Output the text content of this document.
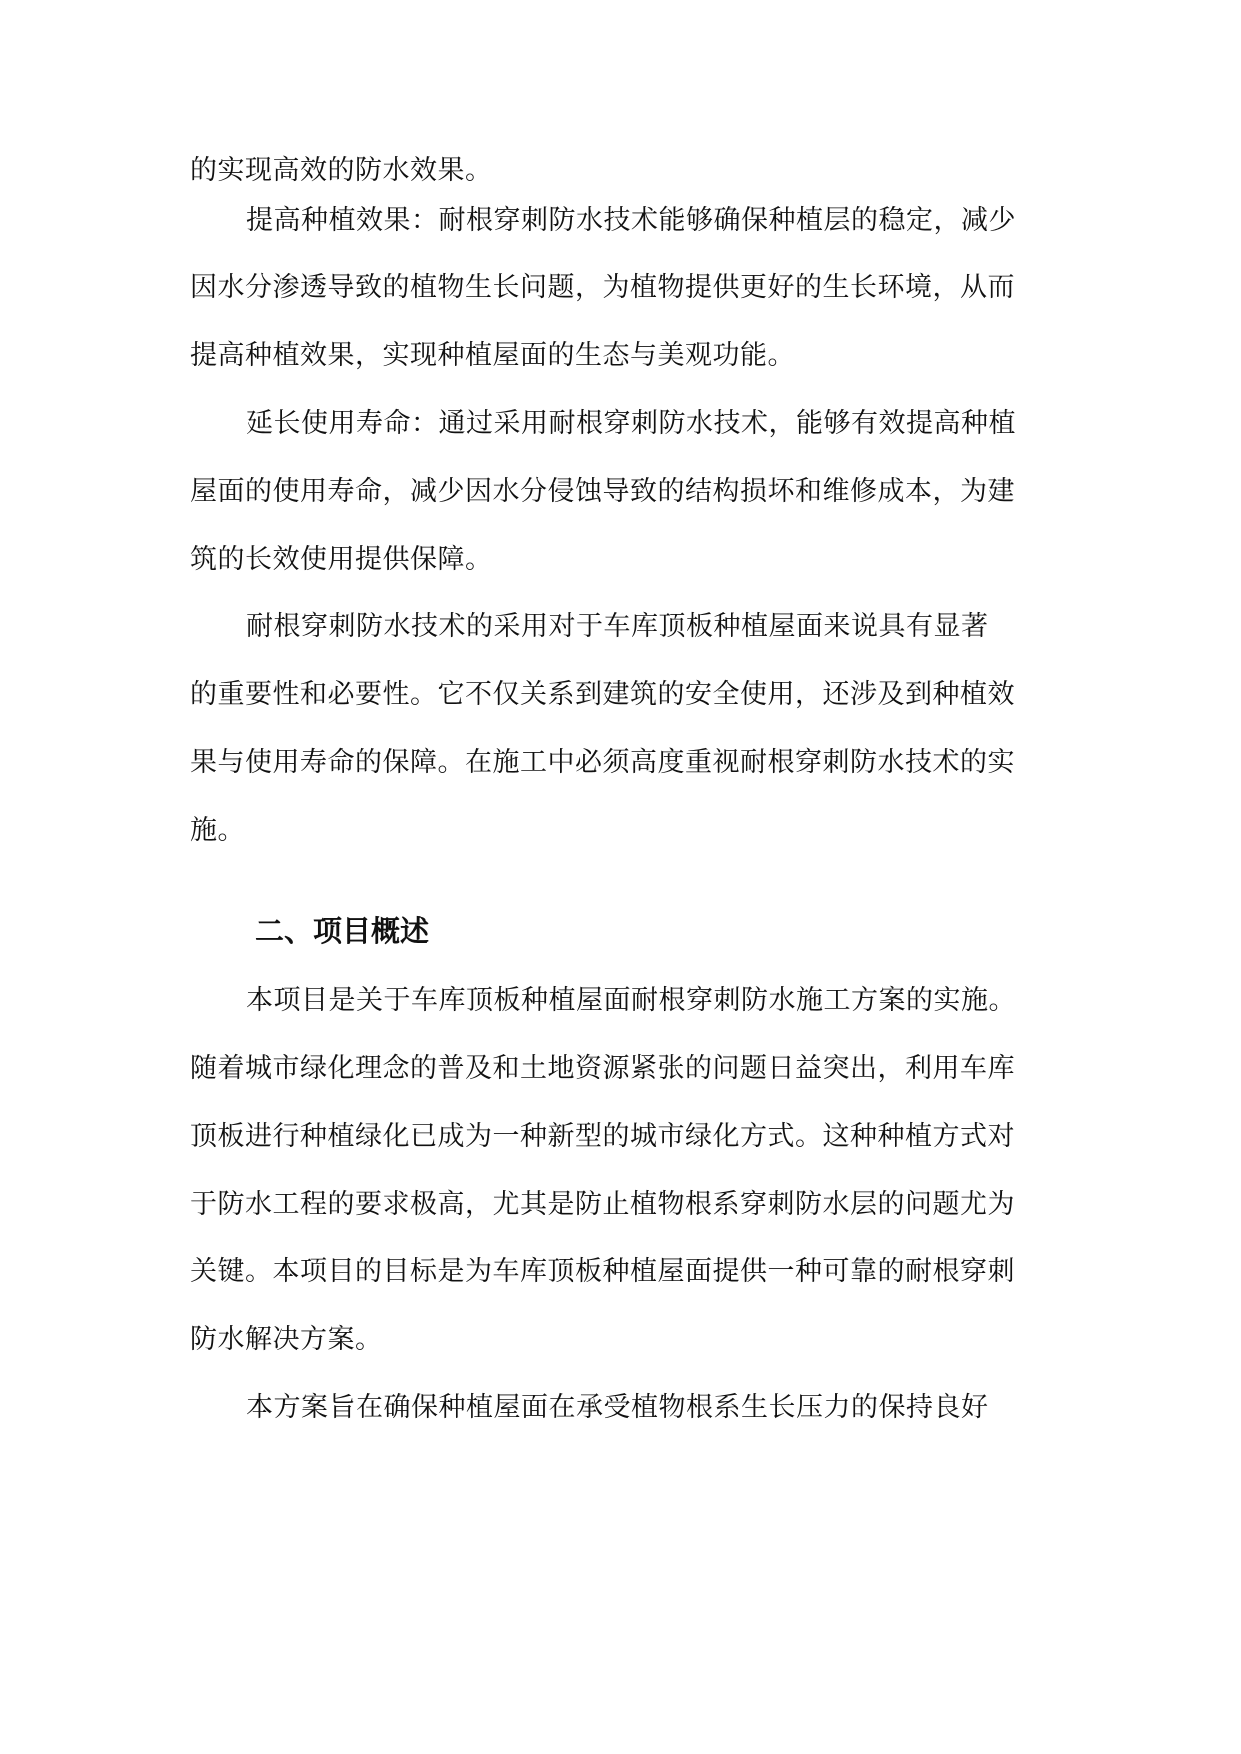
的实现高效的防水效果。
提高种植效果：耐根穿刺防水技术能够确保种植层的稳定，减少
因水分渗透导致的植物生长问题，为植物提供更好的生长环境，从而
提高种植效果，实现种植屋面的生态与美观功能。
延长使用寿命：通过采用耐根穿刺防水技术，能够有效提高种植
屋面的使用寿命，减少因水分侵蚀导致的结构损坏和维修成本，为建
筑的长效使用提供保障。
耐根穿刺防水技术的采用对于车库顶板种植屋面来说具有显著
的重要性和必要性。它不仅关系到建筑的安全使用，还涉及到种植效
果与使用寿命的保障。在施工中必须高度重视耐根穿刺防水技术的实
施。
二、项目概述
本项目是关于车库顶板种植屋面耐根穿刺防水施工方案的实施。
随着城市绿化理念的普及和土地资源紧张的问题日益突出，利用车库
顶板进行种植绿化已成为一种新型的城市绿化方式。这种种植方式对
于防水工程的要求极高，尤其是防止植物根系穿刺防水层的问题尤为
关键。本项目的目标是为车库顶板种植屋面提供一种可靠的耐根穿刺
防水解决方案。
本方案旨在确保种植屋面在承受植物根系生长压力的保持良好
